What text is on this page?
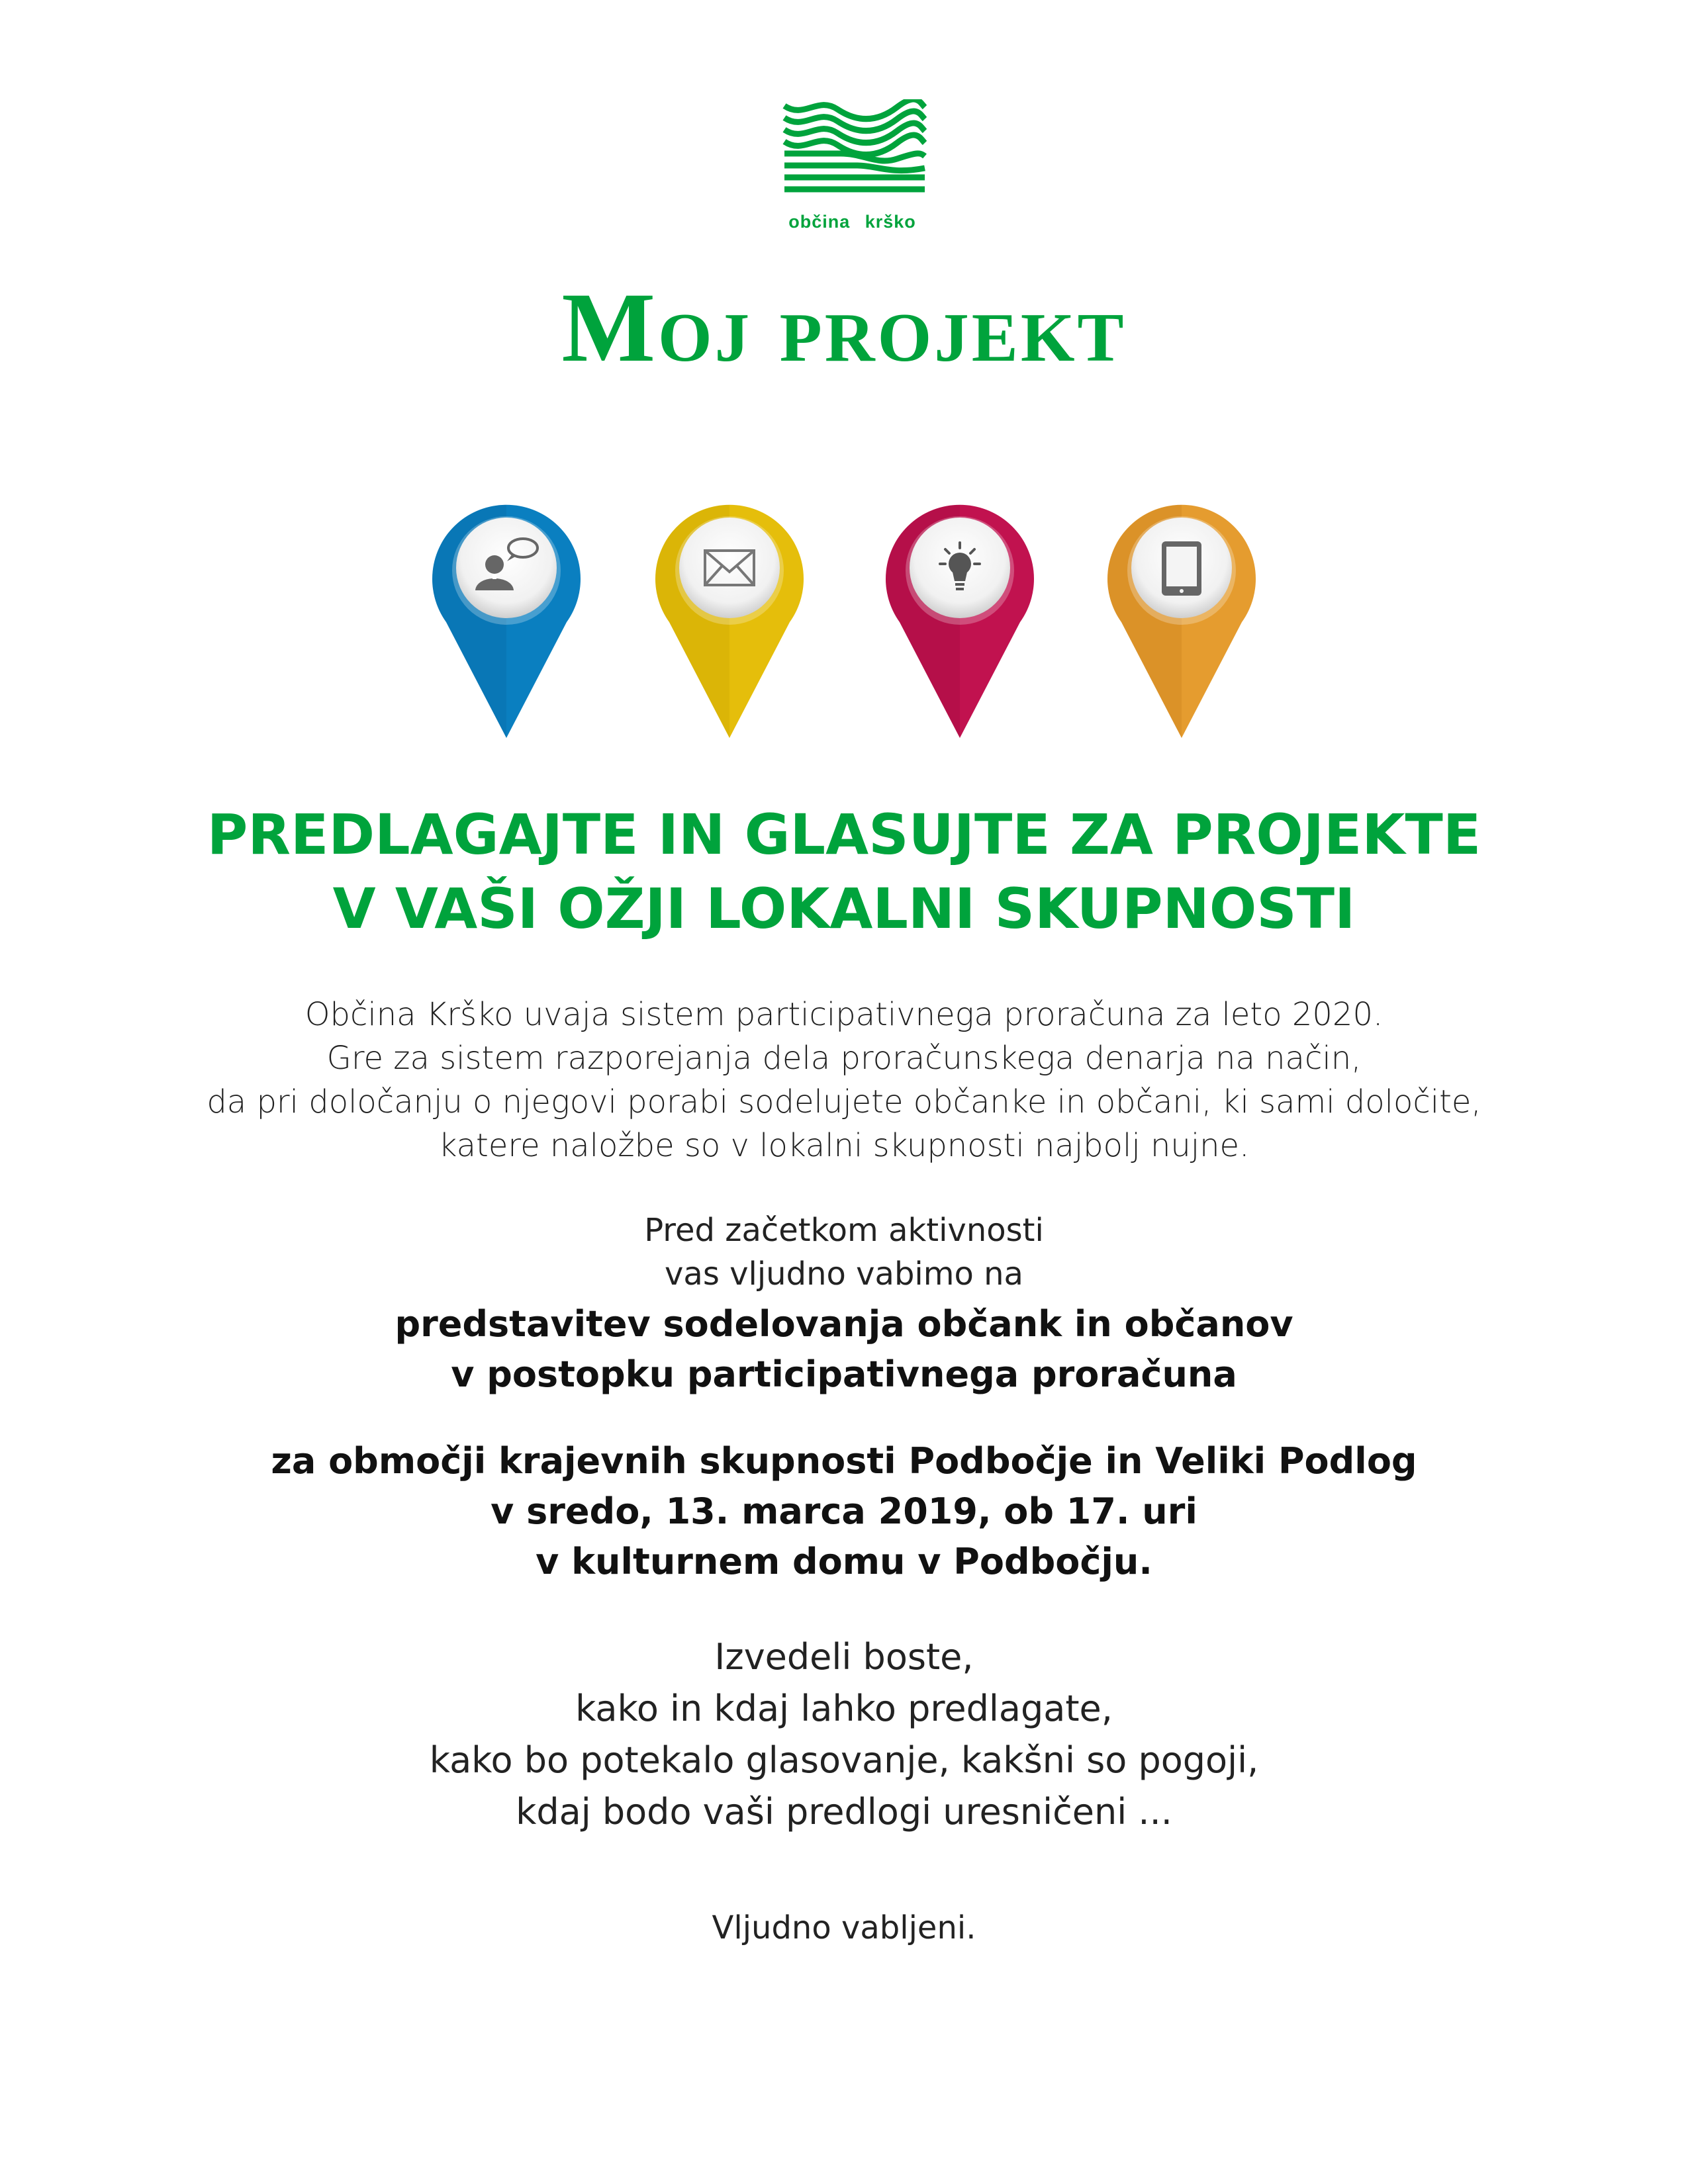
občina krško
Moj projekt
PREDLAGAJTE IN GLASUJTE ZA PROJEKTE
V VAŠI OŽJI LOKALNI SKUPNOSTI

Občina Krško uvaja sistem participativnega proračuna za leto 2020.
Gre za sistem razporejanja dela proračunskega denarja na način,
da pri določanju o njegovi porabi sodelujete občanke in občani, ki sami določite,
katere naložbe so v lokalni skupnosti najbolj nujne.

Pred začetkom aktivnosti
vas vljudno vabimo na

predstavitev sodelovanja občank in občanov
v postopku participativnega proračuna

za območji krajevnih skupnosti Podbočje in Veliki Podlog
v sredo, 13. marca 2019, ob 17. uri
v kulturnem domu v Podbočju.

Izvedeli boste,
kako in kdaj lahko predlagate,
kako bo potekalo glasovanje, kakšni so pogoji,
kdaj bodo vaši predlogi uresničeni ...

Vljudno vabljeni.
